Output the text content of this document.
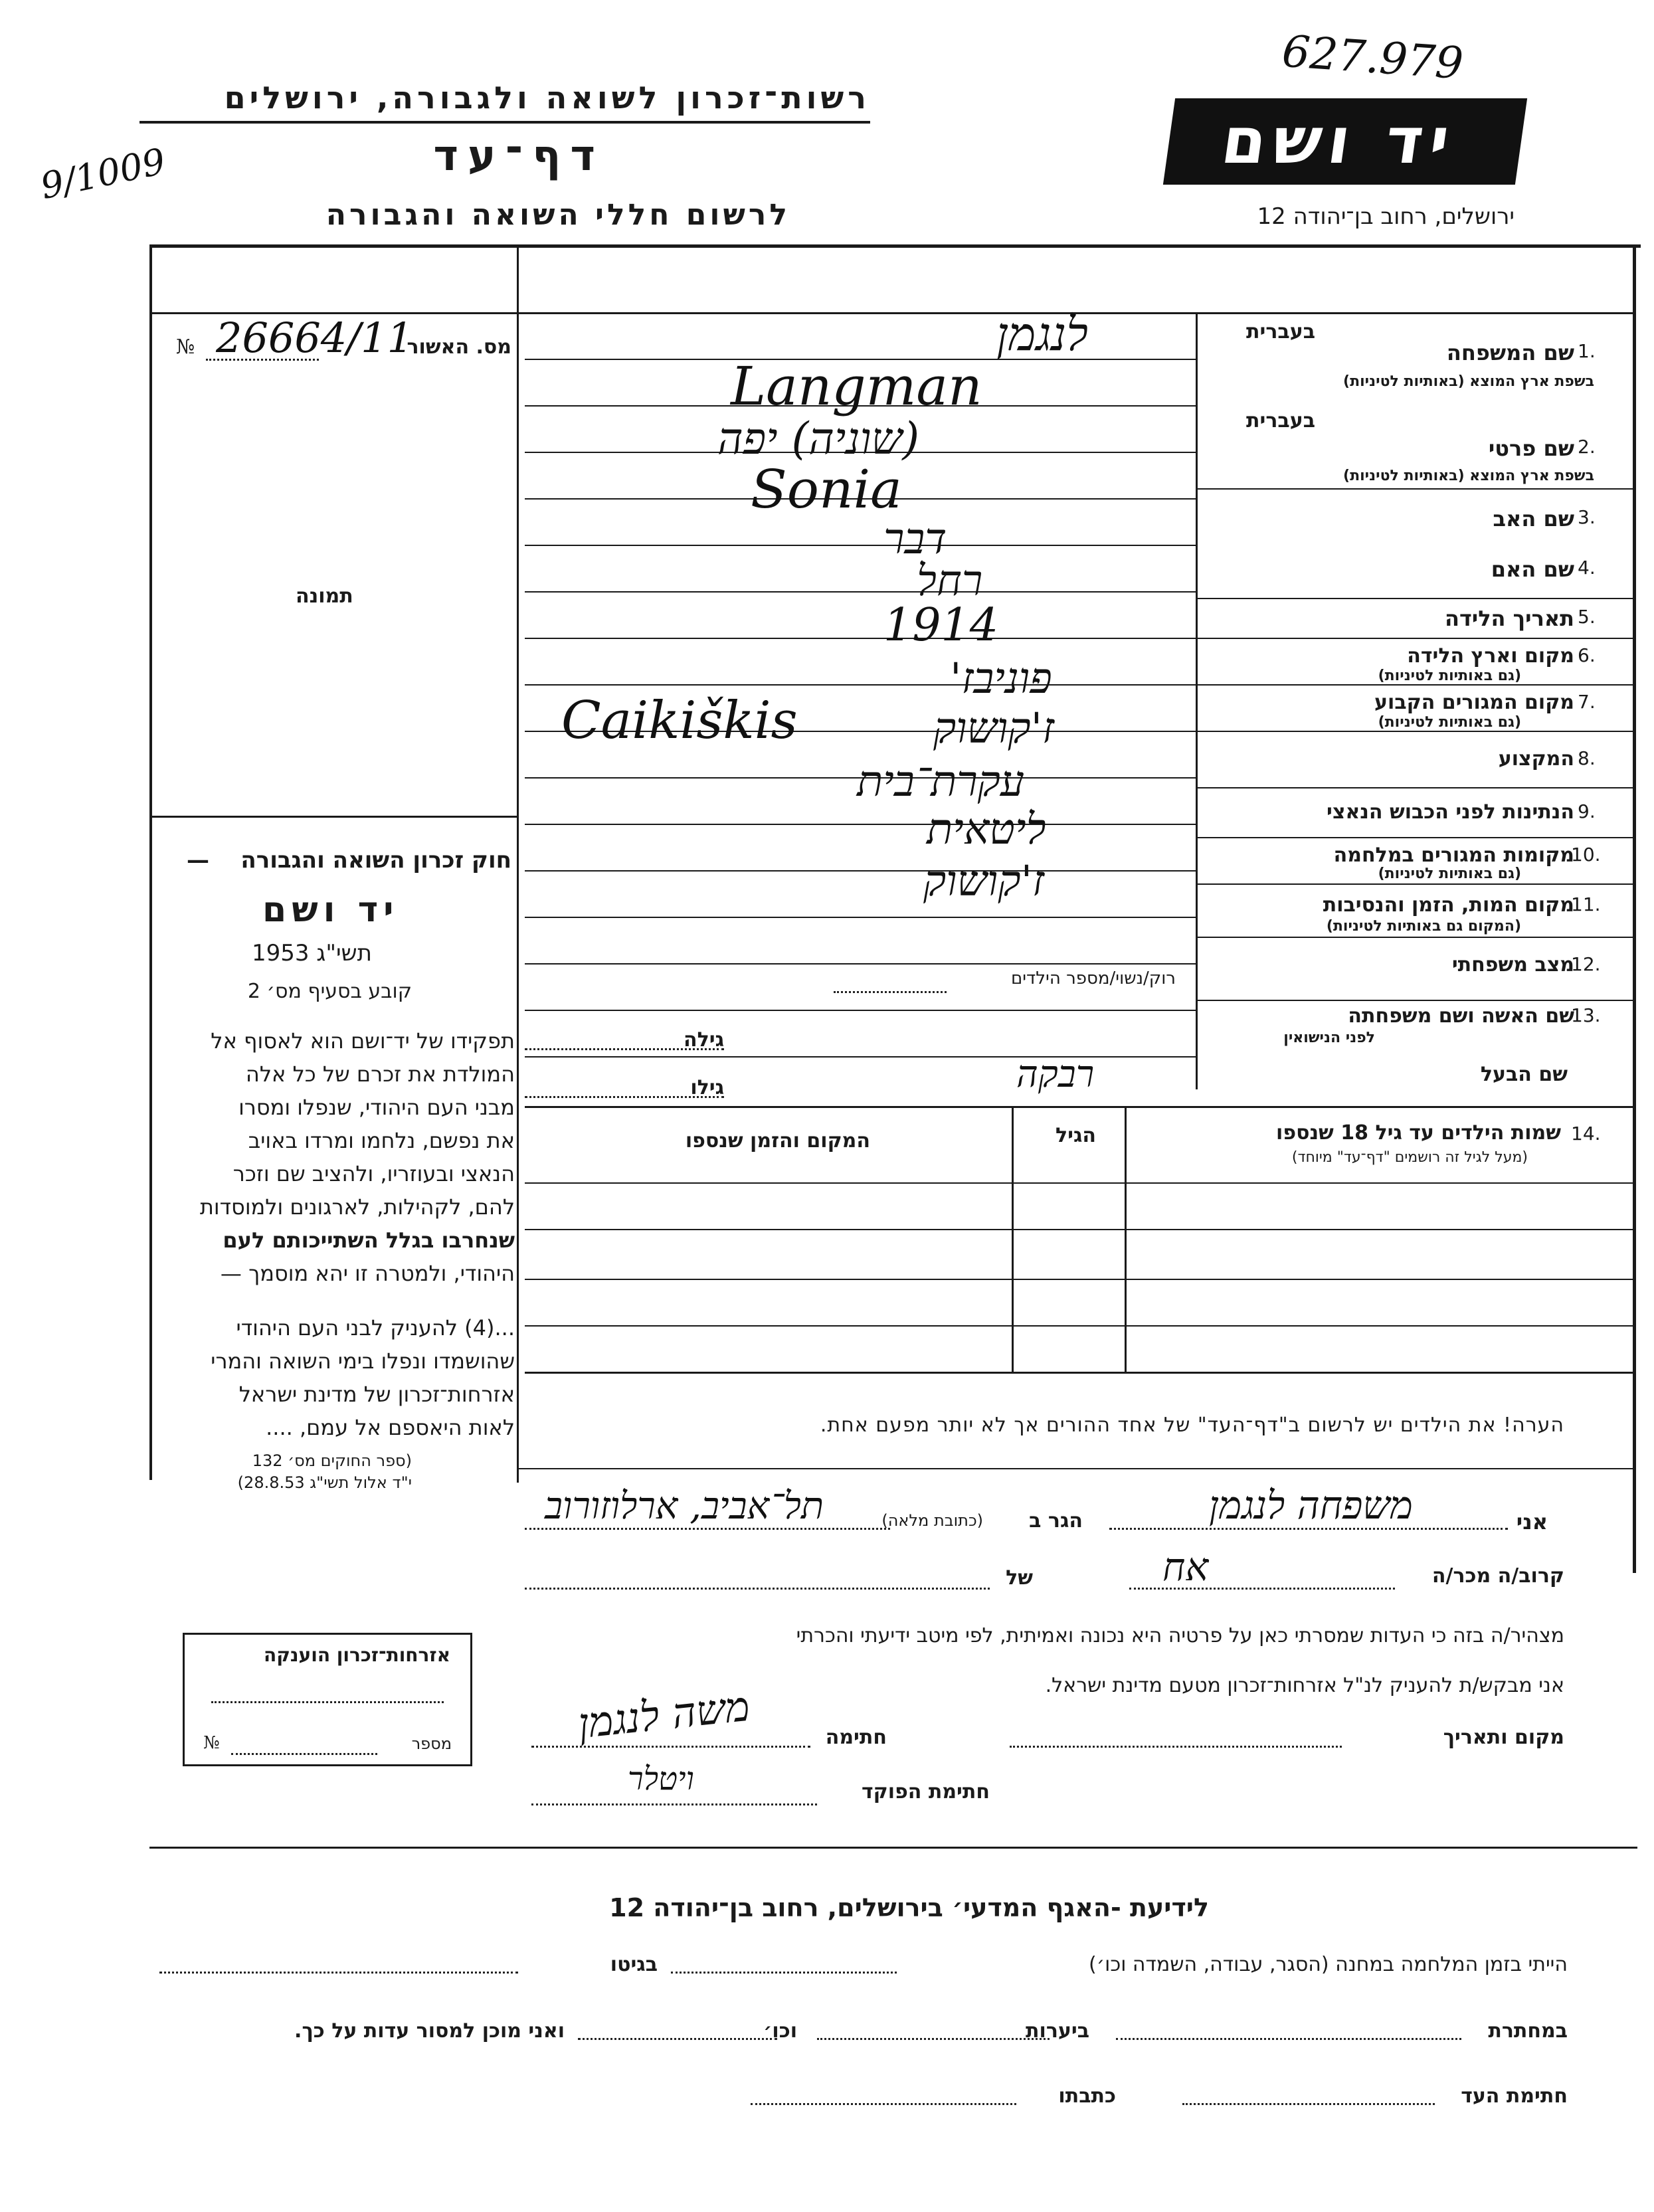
627.979
9/1009
רשות־זכרון לשואה ולגבורה, ירושלים
דף־עד
לרשום חללי השואה והגבורה
יד ושם
ירושלים, רחוב בן־יהודה 12
מס. האשור
26664/11
№
תמונה
— חוק זכרון השואה והגבורה
יד ושם
תשי"ג 1953
קובע בסעיף מס׳ 2
תפקידו של יד־ושם הוא לאסוף אל
המולדת את זכרם של כל אלה
מבני העם היהודי, שנפלו ומסרו
את נפשם, נלחמו ומרדו באויב
הנאצי ובעוזריו, ולהציב שם וזכר
להם, לקהילות, לארגונים ולמוסדות
שנחרבו בגלל השתייכותם לעם
היהודי, ולמטרה זו יהא מוסמך —
...(4) להעניק לבני העם היהודי
שהושמדו ונפלו בימי השואה והמרי
אזרחות־זכרון של מדינת ישראל
לאות היאספם אל עמם, ....
(ספר החוקים מס׳ 132
י"ד אלול תשי"ג 28.8.53)
בעברית
שם המשפחה 1.
בשפת ארץ המוצא (באותיות לטיניות)
בעברית
שם פרטי 2.
בשפת ארץ המוצא (באותיות לטיניות)
שם האב 3.
שם האם 4.
תאריך הלידה 5.
מקום וארץ הלידה 6.
(גם באותיות לטיניות)
מקום המגורים הקבוע 7.
(גם באותיות לטיניות)
המקצוע 8.
הנתינות לפני הכבוש הנאצי 9.
מקומות המגורים במלחמה
10.
(גם באותיות לטיניות)
מקום המות, הזמן והנסיבות
11.
(המקום גם באותיות לטיניות)
מצב משפחתי
12.
רוק/נשוי/מספר הילדים
שם האשה ושם משפחתה
13.
לפני הנישואין
גילה
שם הבעל
גילו
לנגמן
Langman
(שוניה) יפה
Sonia
דבר
רחל
1914
פוניבז'
Caikiškis	ז'קושוק
עקרת־בית
ליטאית
ז'קושוק
רבקה
14.
שמות הילדים עד גיל 18 שנספו
(מעל לגיל זה רושמים "דף־עד" מיוחד)
הגיל
המקום והזמן שנספו
הערה! את הילדים יש לרשום ב"דף־העד" של אחד ההורים אך לא יותר מפעם אחת.
אני
משפחה לנגמן
הגר ב
(כתובת מלאה)
תל־אביב, ארלוזורוב
קרוב/ה מכר/ה
אח
של
מצהיר/ה בזה כי העדות שמסרתי כאן על פרטיה היא נכונה ואמיתית, לפי מיטב ידיעתי והכרתי
אני מבקש/ת להעניק לנ"ל אזרחות־זכרון מטעם מדינת ישראל.
מקום ותאריך
חתימה
משה לנגמן
חתימת הפוקד
ויטלר
אזרחות־זכרון הוענקה
מספר
№
לידיעת -האגף המדעי׳ בירושלים, רחוב בן־יהודה 12
הייתי בזמן המלחמה במחנה (הסגר, עבודה, השמדה וכו׳)
בגיטו
במחתרת
ביערות
וכו׳
ואני מוכן למסור עדות על כך.
חתימת העד
כתבתו
